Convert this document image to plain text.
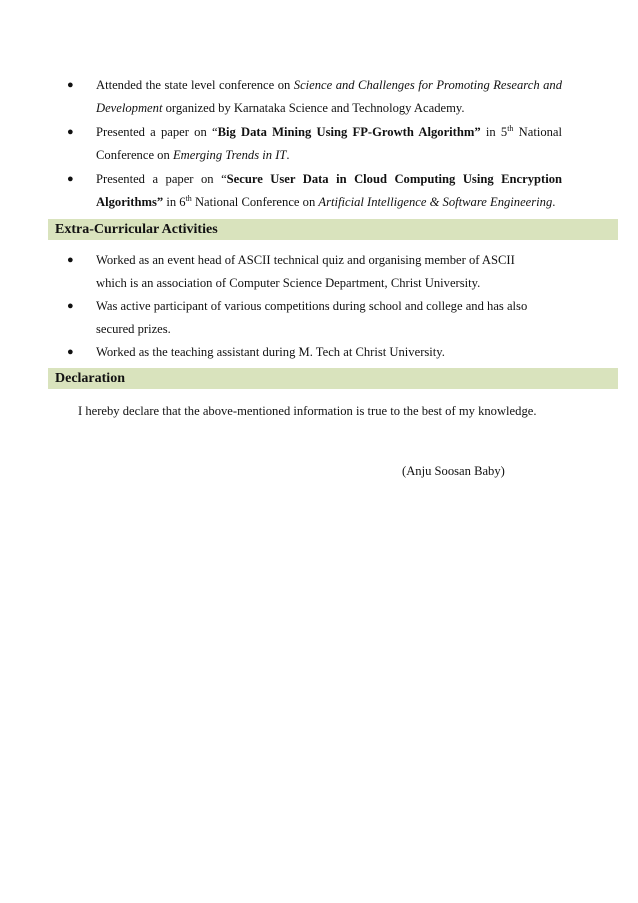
● Attended the state level conference on Science and Challenges for Promoting Research and Development organized by Karnataka Science and Technology Academy.
● Presented a paper on “Big Data Mining Using FP-Growth Algorithm” in 5th National Conference on Emerging Trends in IT.
● Presented a paper on “Secure User Data in Cloud Computing Using Encryption Algorithms” in 6th National Conference on Artificial Intelligence & Software Engineering.
Extra-Curricular Activities
● Worked as an event head of ASCII technical quiz and organising member of ASCII which is an association of Computer Science Department, Christ University.
● Was active participant of various competitions during school and college and has also secured prizes.
● Worked as the teaching assistant during M. Tech at Christ University.
Declaration
I hereby declare that the above-mentioned information is true to the best of my knowledge.
(Anju Soosan Baby)
